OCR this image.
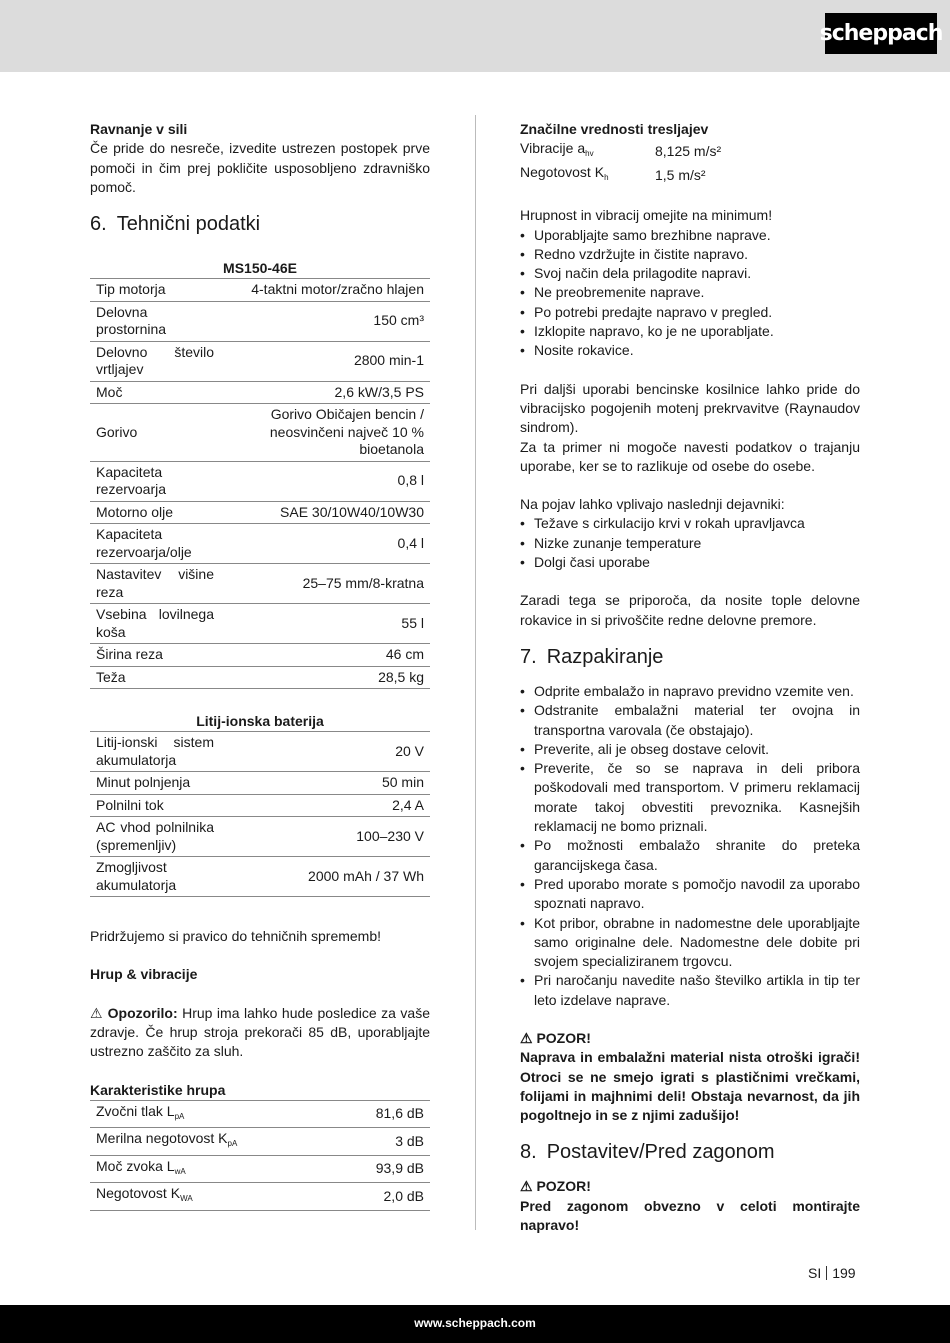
scheppach
Ravnanje v sili

Če pride do nesreče, izvedite ustrezen postopek prve pomoči in čim prej pokličite usposobljeno zdravniško pomoč.

6. Tehnični podatki
MS150-46E
Tip motorja	4-taktni motor/zračno hlajen
Delovna prostornina	150 cm³
Delovno število vrtljajev	2800 min-1
Moč	2,6 kW/3,5 PS
Gorivo	Gorivo Običajen bencin / neosvinčeni največ 10 % bioetanola
Kapaciteta rezervoarja	0,8 l
Motorno olje	SAE 30/10W40/10W30
Kapaciteta rezervoarja/olje	0,4 l
Nastavitev višine reza	25–75 mm/8-kratna
Vsebina lovilnega koša	55 l
Širina reza	46 cm
Teža	28,5 kg
Litij-ionska baterija
Litij-ionski sistem akumulatorja	20 V
Minut polnjenja	50 min
Polnilni tok	2,4 A
AC vhod polnilnika (spremenljiv)	100–230 V
Zmogljivost akumulatorja	2000 mAh / 37 Wh

Pridržujemo si pravico do tehničnih sprememb!

Hrup & vibracije

⚠ Opozorilo: Hrup ima lahko hude posledice za vaše zdravje. Če hrup stroja prekorači 85 dB, uporabljajte ustrezno zaščito za sluh.

Karakteristike hrupa
Zvočni tlak $L_{pA}$	81,6 dB
Merilna negotovost $K_{pA}$	3 dB
Moč zvoka $L_{wA}$	93,9 dB
Negotovost $K_{WA}$	2,0 dB
Značilne vrednosti tresljajev
Vibracije $a_{hv}$	8,125 m/s²
Negotovost $K_h$	1,5 m/s²

Hrupnost in vibracij omejite na minimum!

• Uporabljajte samo brezhibne naprave.
• Redno vzdržujte in čistite napravo.
• Svoj način dela prilagodite napravi.
• Ne preobremenite naprave.
• Po potrebi predajte napravo v pregled.
• Izklopite napravo, ko je ne uporabljate.
• Nosite rokavice.

Pri daljši uporabi bencinske kosilnice lahko pride do vibracijsko pogojenih motenj prekrvavitve (Raynaudov sindrom).

Za ta primer ni mogoče navesti podatkov o trajanju uporabe, ker se to razlikuje od osebe do osebe.

Na pojav lahko vplivajo naslednji dejavniki:

• Težave s cirkulacijo krvi v rokah upravljavca
• Nizke zunanje temperature
• Dolgi časi uporabe

Zaradi tega se priporoča, da nosite tople delovne rokavice in si privoščite redne delovne premore.

7. Razpakiranje
• Odprite embalažo in napravo previdno vzemite ven.
• Odstranite embalažni material ter ovojna in transportna varovala (če obstajajo).
• Preverite, ali je obseg dostave celovit.
• Preverite, če so se naprava in deli pribora poškodovali med transportom. V primeru reklamacij morate takoj obvestiti prevoznika. Kasnejših reklamacij ne bomo priznali.
• Po možnosti embalažo shranite do preteka garancijskega časa.
• Pred uporabo morate s pomočjo navodil za uporabo spoznati napravo.
• Kot pribor, obrabne in nadomestne dele uporabljajte samo originalne dele. Nadomestne dele dobite pri svojem specializiranem trgovcu.
• Pri naročanju navedite našo številko artikla in tip ter leto izdelave naprave.
⚠ POZOR!

Naprava in embalažni material nista otroški igrači! Otroci se ne smejo igrati s plastičnimi vrečkami, folijami in majhnimi deli! Obstaja nevarnost, da jih pogoltnejo in se z njimi zadušijo!

8. Postavitev/Pred zagonom
⚠ POZOR!

Pred zagonom obvezno v celoti montirajte napravo!

SI 199
www.scheppach.com
